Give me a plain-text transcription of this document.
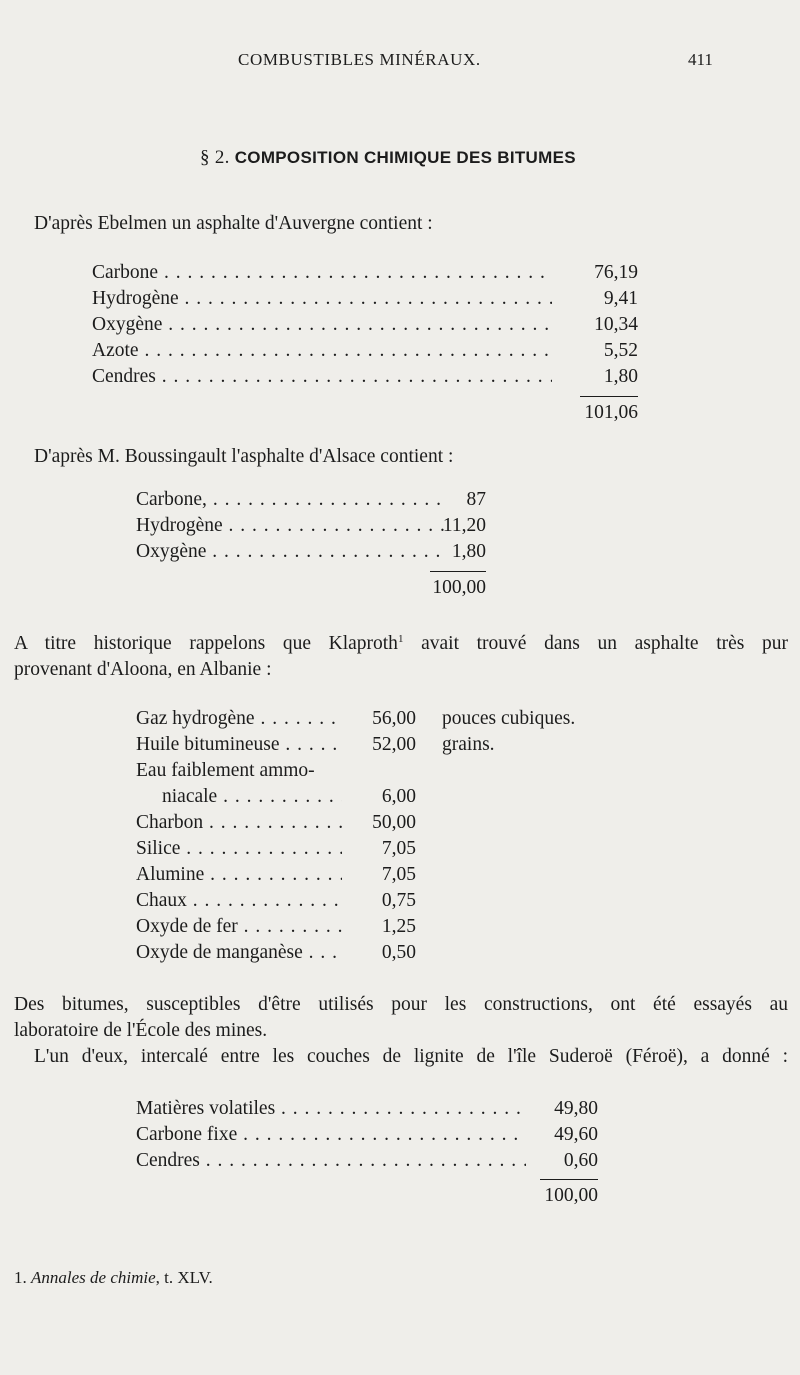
COMBUSTIBLES MINÉRAUX.	411
§ 2. COMPOSITION CHIMIQUE DES BITUMES
D'après Ebelmen un asphalte d'Auvergne contient :
Carbone . . .	76,19
Hydrogène . . .	9,41
Oxygène . . .	10,34
Azote . . .	5,52
Cendres . . .	1,80
101,06
D'après M. Boussingault l'asphalte d'Alsace contient :
Carbone, . . .	87
Hydrogène . . .	11,20
Oxygène . . .	1,80
100,00
A titre historique rappelons que Klaproth$^1$ avait trouvé dans un asphalte très pur
provenant d'Aloona, en Albanie :
Gaz hydrogène . . .	56,00 pouces cubiques.
Huile bitumineuse . . .	52,00 grains.
Eau faiblement ammo-
niacale . . .	6,00
Charbon . . .	50,00
Silice . . .	7,05
Alumine . . .	7,05
Chaux . . .	0,75
Oxyde de fer . . .	1,25
Oxyde de manganèse . . .	0,50
Des bitumes, susceptibles d'être utilisés pour les constructions, ont été essayés au
laboratoire de l'École des mines.
L'un d'eux, intercalé entre les couches de lignite de l'île Suderoë (Féroë), a donné :
Matières volatiles . . .	49,80
Carbone fixe . . .	49,60
Cendres . . .	0,60
100,00
1. Annales de chimie, t. XLV.
